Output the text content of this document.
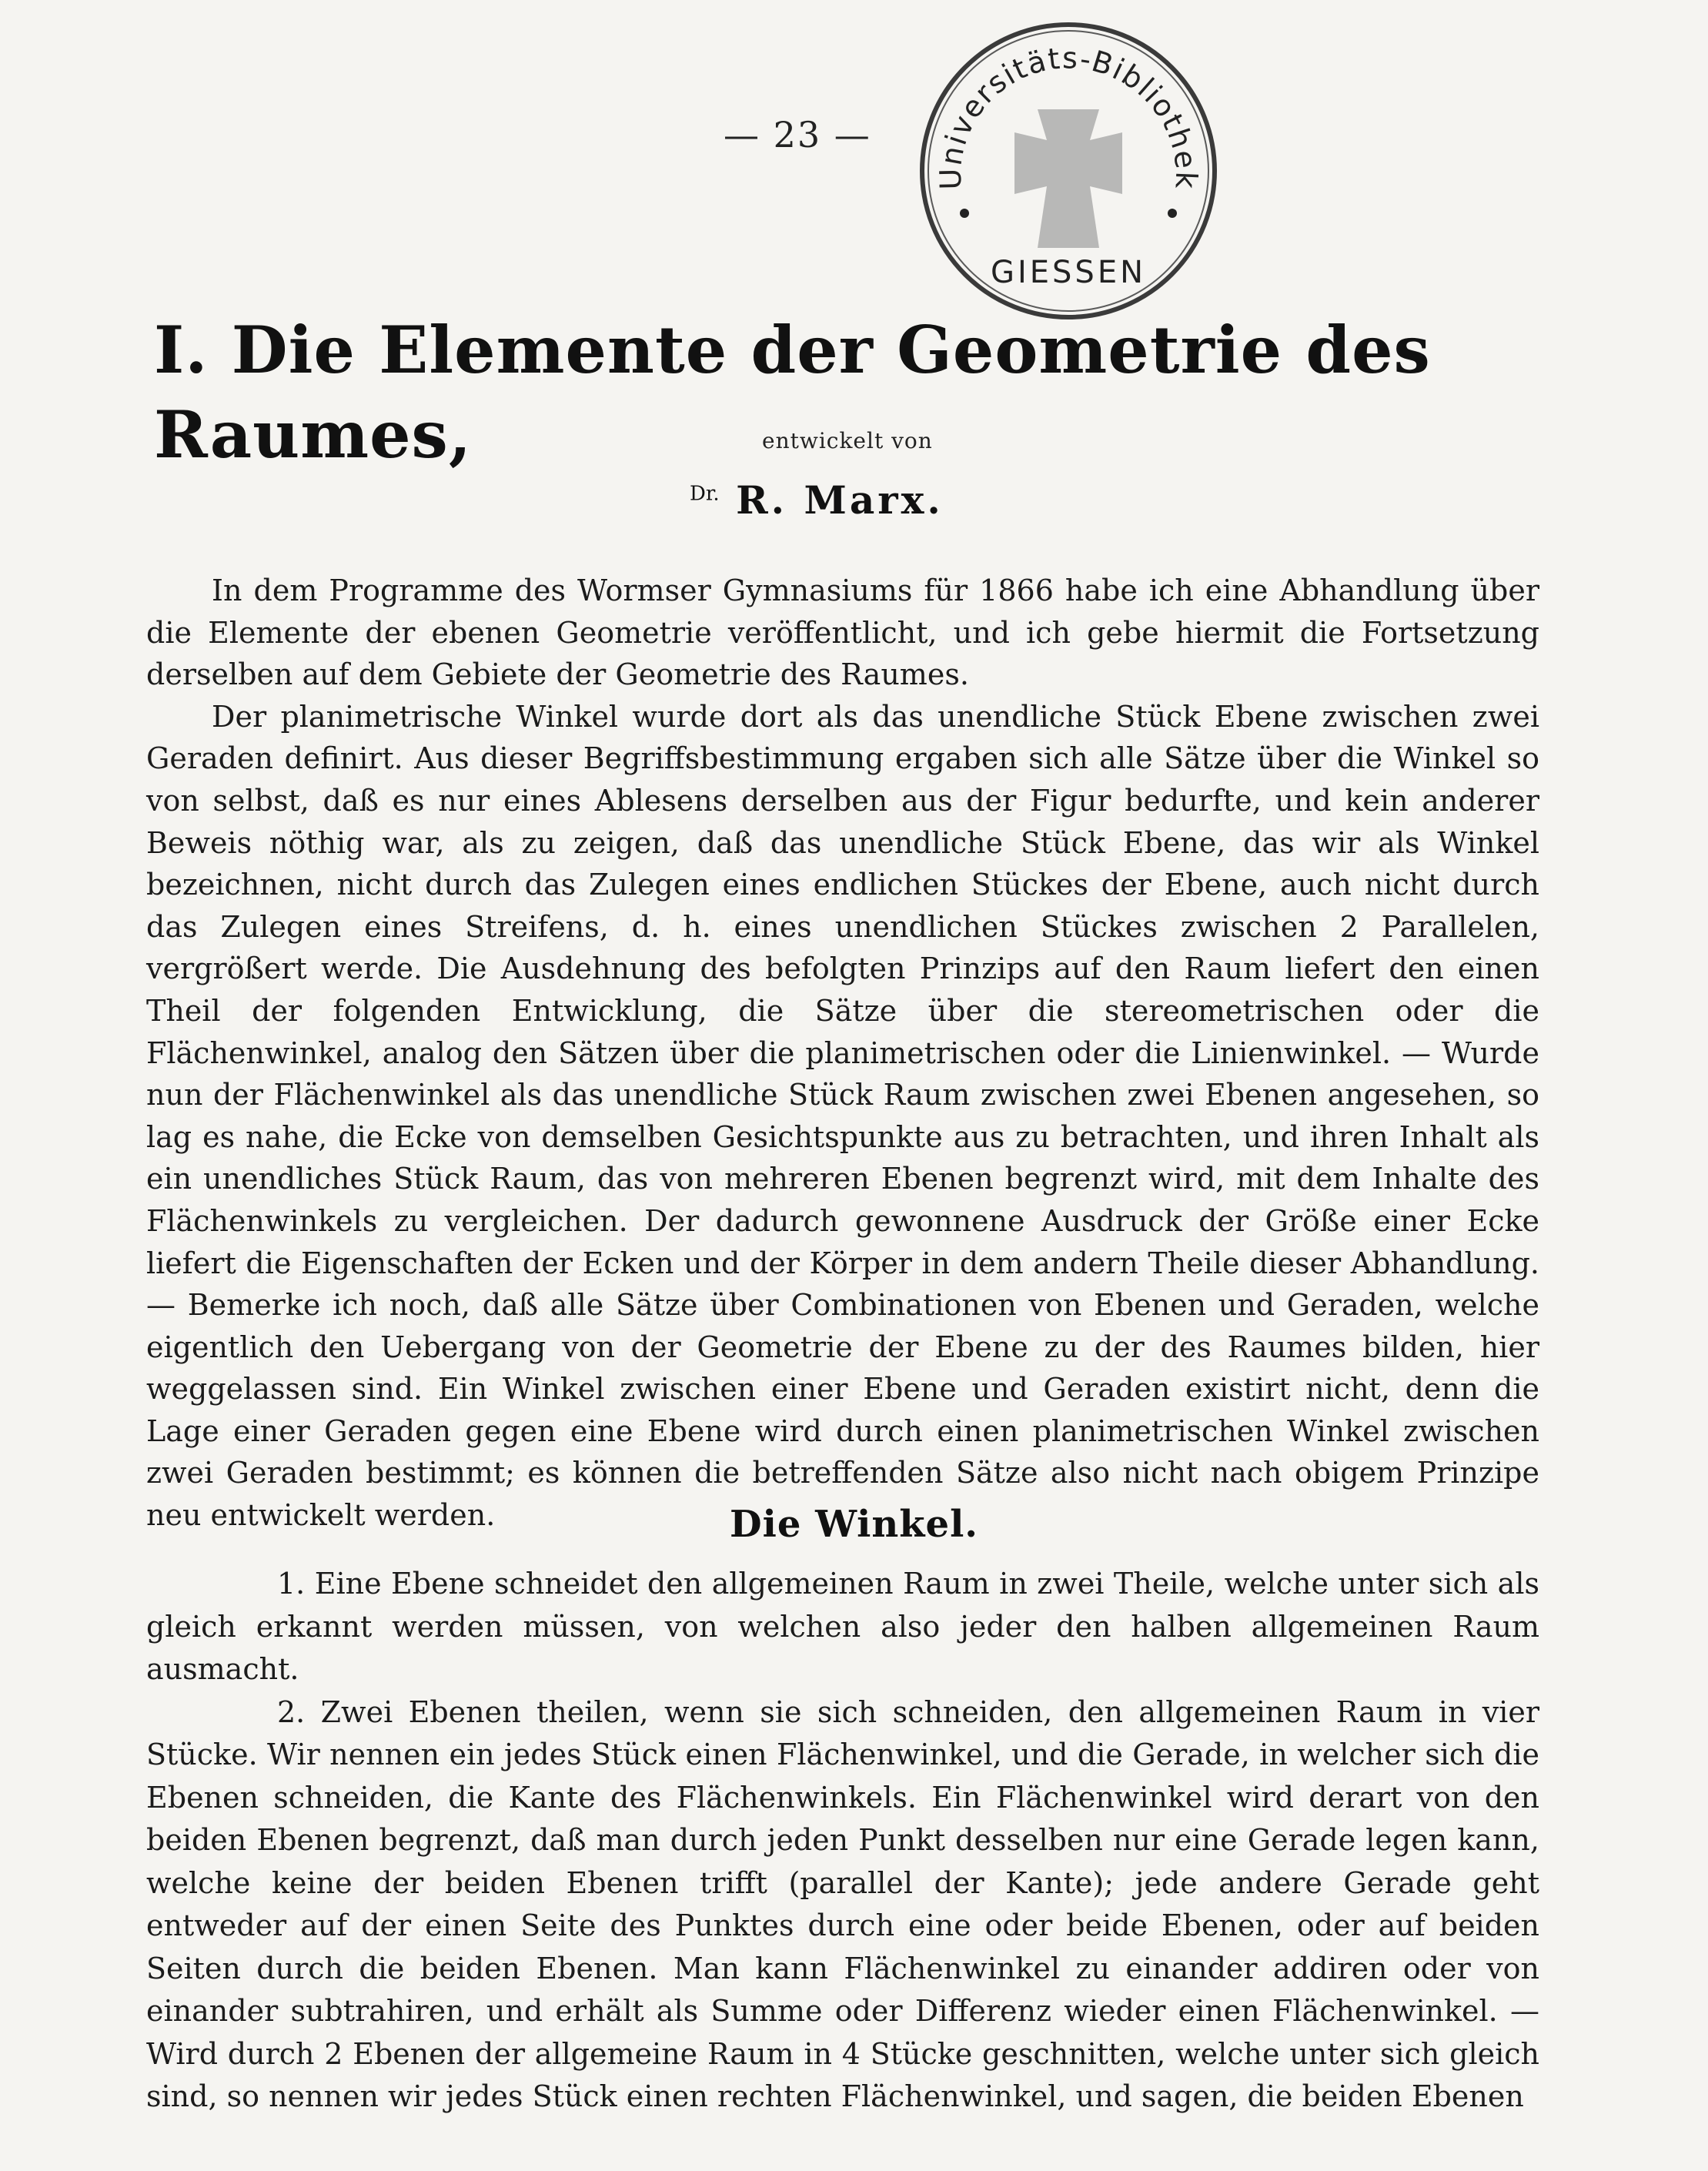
— 23 —
Universitäts-Bibliothek
GIESSEN
I. Die Elemente der Geometrie des Raumes,	entwickelt von
$^{Dr.}$ R. Marx.

In dem Programme des Wormser Gymnasiums für 1866 habe ich eine Abhandlung über die Elemente der ebenen Geometrie veröffentlicht, und ich gebe hiermit die Fortsetzung derselben auf dem Gebiete der Geometrie des Raumes.

Der planimetrische Winkel wurde dort als das unendliche Stück Ebene zwischen zwei Geraden definirt. Aus dieser Begriffsbestimmung ergaben sich alle Sätze über die Winkel so von selbst, daß es nur eines Ablesens derselben aus der Figur bedurfte, und kein anderer Beweis nöthig war, als zu zeigen, daß das unendliche Stück Ebene, das wir als Winkel bezeichnen, nicht durch das Zulegen eines endlichen Stückes der Ebene, auch nicht durch das Zulegen eines Streifens, d. h. eines unendlichen Stückes zwischen 2 Parallelen, vergrößert werde. Die Ausdehnung des befolgten Prinzips auf den Raum liefert den einen Theil der folgenden Entwicklung, die Sätze über die stereometrischen oder die Flächenwinkel, analog den Sätzen über die planimetrischen oder die Linienwinkel. — Wurde nun der Flächenwinkel als das unendliche Stück Raum zwischen zwei Ebenen angesehen, so lag es nahe, die Ecke von demselben Gesichtspunkte aus zu betrachten, und ihren Inhalt als ein unendliches Stück Raum, das von mehreren Ebenen begrenzt wird, mit dem Inhalte des Flächenwinkels zu vergleichen. Der dadurch gewonnene Ausdruck der Größe einer Ecke liefert die Eigenschaften der Ecken und der Körper in dem andern Theile dieser Abhandlung. — Bemerke ich noch, daß alle Sätze über Combinationen von Ebenen und Geraden, welche eigentlich den Uebergang von der Geometrie der Ebene zu der des Raumes bilden, hier weggelassen sind. Ein Winkel zwischen einer Ebene und Geraden existirt nicht, denn die Lage einer Geraden gegen eine Ebene wird durch einen planimetrischen Winkel zwischen zwei Geraden bestimmt; es können die betreffenden Sätze also nicht nach obigem Prinzipe neu entwickelt werden.	Die Winkel.

1. Eine Ebene schneidet den allgemeinen Raum in zwei Theile, welche unter sich als gleich erkannt werden müssen, von welchen also jeder den halben allgemeinen Raum ausmacht.

2. Zwei Ebenen theilen, wenn sie sich schneiden, den allgemeinen Raum in vier Stücke. Wir nennen ein jedes Stück einen Flächenwinkel, und die Gerade, in welcher sich die Ebenen schneiden, die Kante des Flächenwinkels. Ein Flächenwinkel wird derart von den beiden Ebenen begrenzt, daß man durch jeden Punkt desselben nur eine Gerade legen kann, welche keine der beiden Ebenen trifft (parallel der Kante); jede andere Gerade geht entweder auf der einen Seite des Punktes durch eine oder beide Ebenen, oder auf beiden Seiten durch die beiden Ebenen. Man kann Flächenwinkel zu einander addiren oder von einander subtrahiren, und erhält als Summe oder Differenz wieder einen Flächenwinkel. — Wird durch 2 Ebenen der allgemeine Raum in 4 Stücke geschnitten, welche unter sich gleich sind, so nennen wir jedes Stück einen rechten Flächenwinkel, und sagen, die beiden Ebenen
